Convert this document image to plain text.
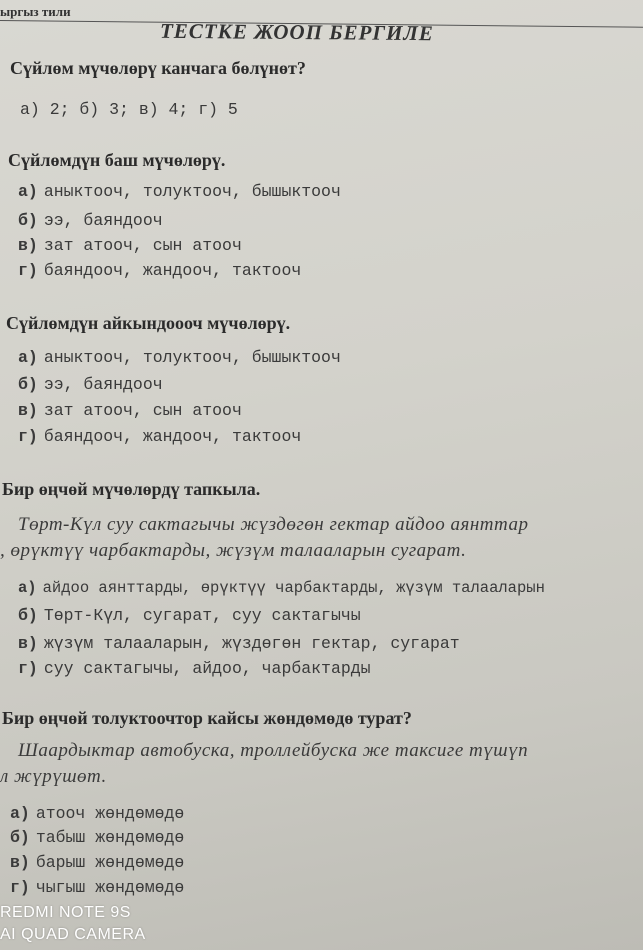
ыргыз тили
ТЕСТКЕ ЖООП БЕРГИЛЕ
Сүйлөм мүчөлөрү канчага бөлүнөт?
а) 2; б) 3; в) 4; г) 5
Сүйлөмдүн баш мүчөлөрү.
а) аныктооч, толуктооч, бышыктооч
б) ээ, баяндооч
в) зат атооч, сын атооч
г) баяндооч, жандооч, тактооч
Сүйлөмдүн айкындоооч мүчөлөрү.
а) аныктооч, толуктооч, бышыктооч
б) ээ, баяндооч
в) зат атооч, сын атооч
г) баяндооч, жандооч, тактооч
Бир өңчөй мүчөлөрдү тапкыла.
Төрт-Күл суу сактагычы жүздөгөн гектар айдоо аянттар
, өрүктүү чарбактарды, жүзүм талааларын сугарат.
а) айдоо аянттарды, өрүктүү чарбактарды, жүзүм талааларын
б) Төрт-Күл, сугарат, суу сактагычы
в) жүзүм талааларын, жүздөгөн гектар, сугарат
г) суу сактагычы, айдоо, чарбактарды
Бир өңчөй толуктоочтор кайсы жөндөмөдө турат?
Шаардыктар автобуска, троллейбуска же таксиге түшүп
л жүрүшөт.
а) атооч жөндөмөдө
б) табыш жөндөмөдө
в) барыш жөндөмөдө
г) чыгыш жөндөмөдө
REDMI NOTE 9S
AI QUAD CAMERA
